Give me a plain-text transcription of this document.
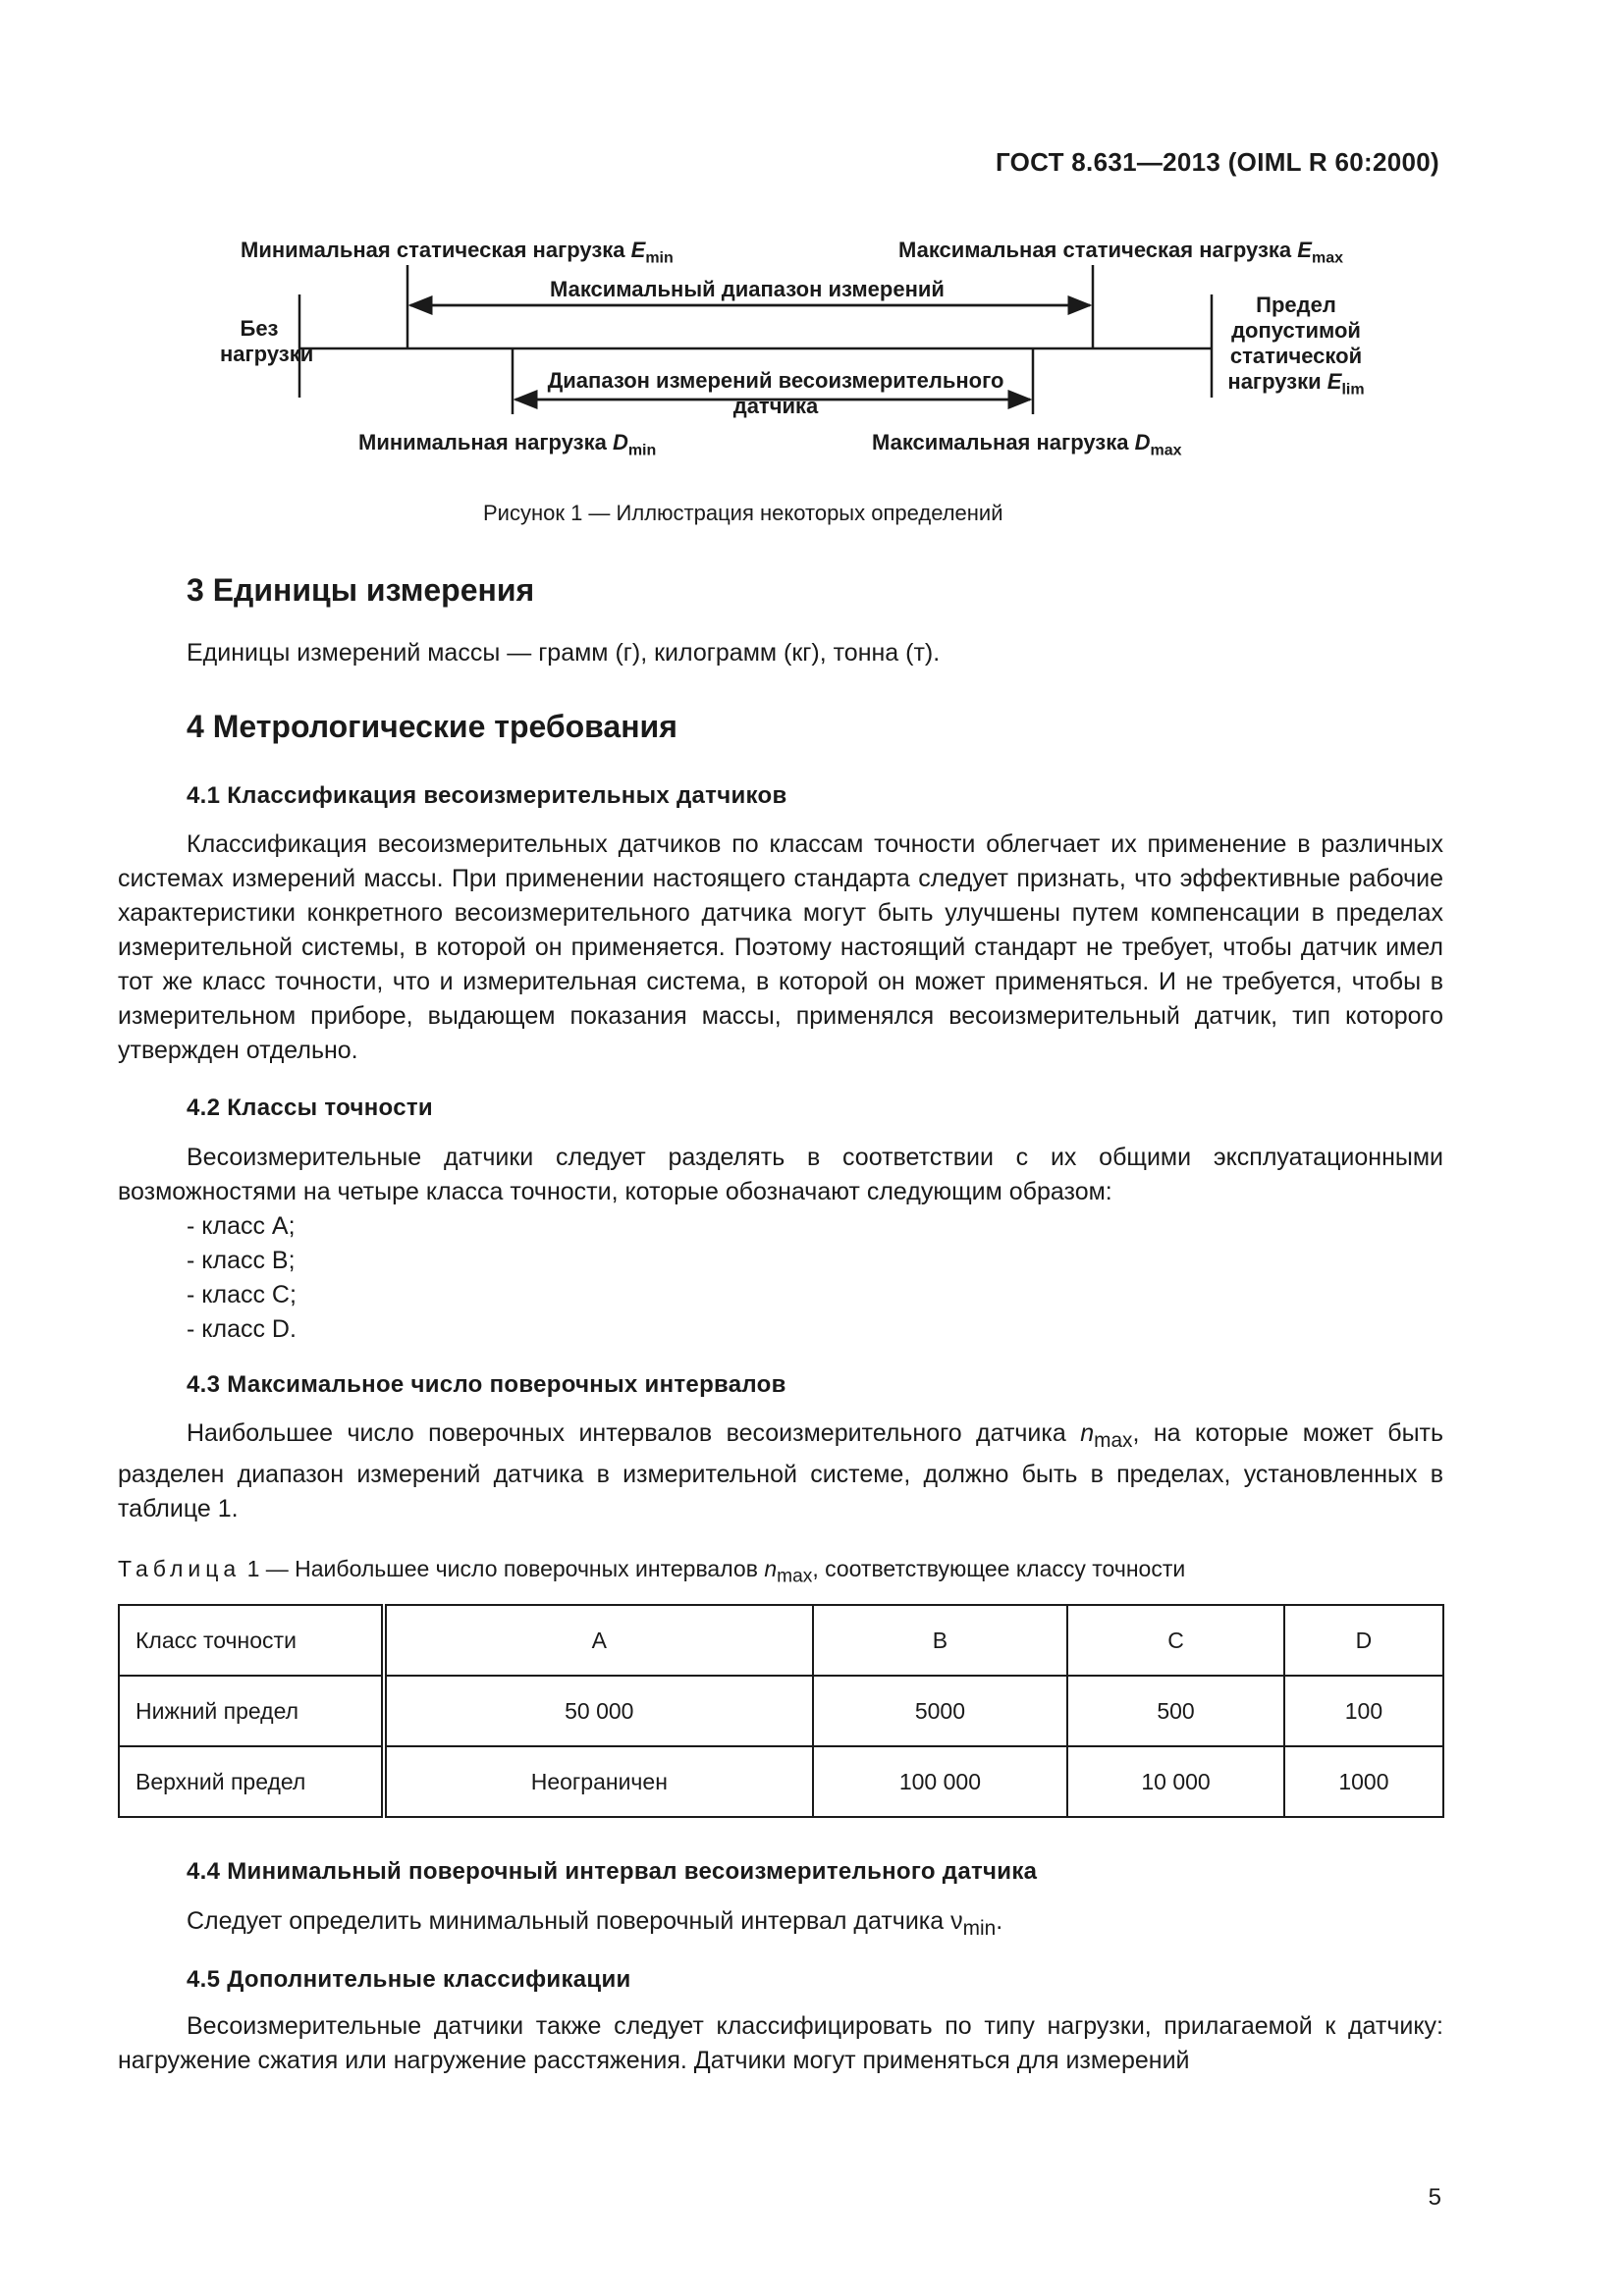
ГОСТ 8.631—2013 (OIML R 60:2000)
Минимальная статическая нагрузка $E_{min}$	Максимальная статическая нагрузка $E_{max}$
Максимальный диапазон измерений
Без
нагрузки
Предел
допустимой
статической
нагрузки $E_{lim}$
Диапазон измерений весоизмерительного
датчика
Минимальная нагрузка $D_{min}$	Максимальная нагрузка $D_{max}$
Рисунок 1 — Иллюстрация некоторых определений
3 Единицы измерения
Единицы измерений массы — грамм (г), килограмм (кг), тонна (т).
4 Метрологические требования
4.1 Классификация весоизмерительных датчиков

Классификация весоизмерительных датчиков по классам точности облегчает их применение в различных системах измерений массы. При применении настоящего стандарта следует признать, что эффективные рабочие характеристики конкретного весоизмерительного датчика могут быть улучшены путем компенсации в пределах измерительной системы, в которой он применяется. Поэтому настоящий стандарт не требует, чтобы датчик имел тот же класс точности, что и измерительная система, в которой он может применяться. И не требуется, чтобы в измерительном приборе, выдающем показания массы, применялся весоизмерительный датчик, тип которого утвержден отдельно.

4.2 Классы точности

Весоизмерительные датчики следует разделять в соответствии с их общими эксплуатационными возможностями на четыре класса точности, которые обозначают следующим образом:

- класс А;
- класс В;
- класс С;
- класс D.
4.3 Максимальное число поверочных интервалов

Наибольшее число поверочных интервалов весоизмерительного датчика $n_{max}$, на которые может быть разделен диапазон измерений датчика в измерительной системе, должно быть в пределах, установленных в таблице 1.

Таблица 1 — Наибольшее число поверочных интервалов $n_{max}$, соответствующее классу точности
Класс точности	А	В	С	D
Нижний предел	50 000	5000	500	100
Верхний предел	Неограничен	100 000	10 000	1000
4.4 Минимальный поверочный интервал весоизмерительного датчика
Следует определить минимальный поверочный интервал датчика $\nu_{min}$.
4.5 Дополнительные классификации

Весоизмерительные датчики также следует классифицировать по типу нагрузки, прилагаемой к датчику: нагружение сжатия или нагружение расстяжения. Датчики могут применяться для измерений

5
